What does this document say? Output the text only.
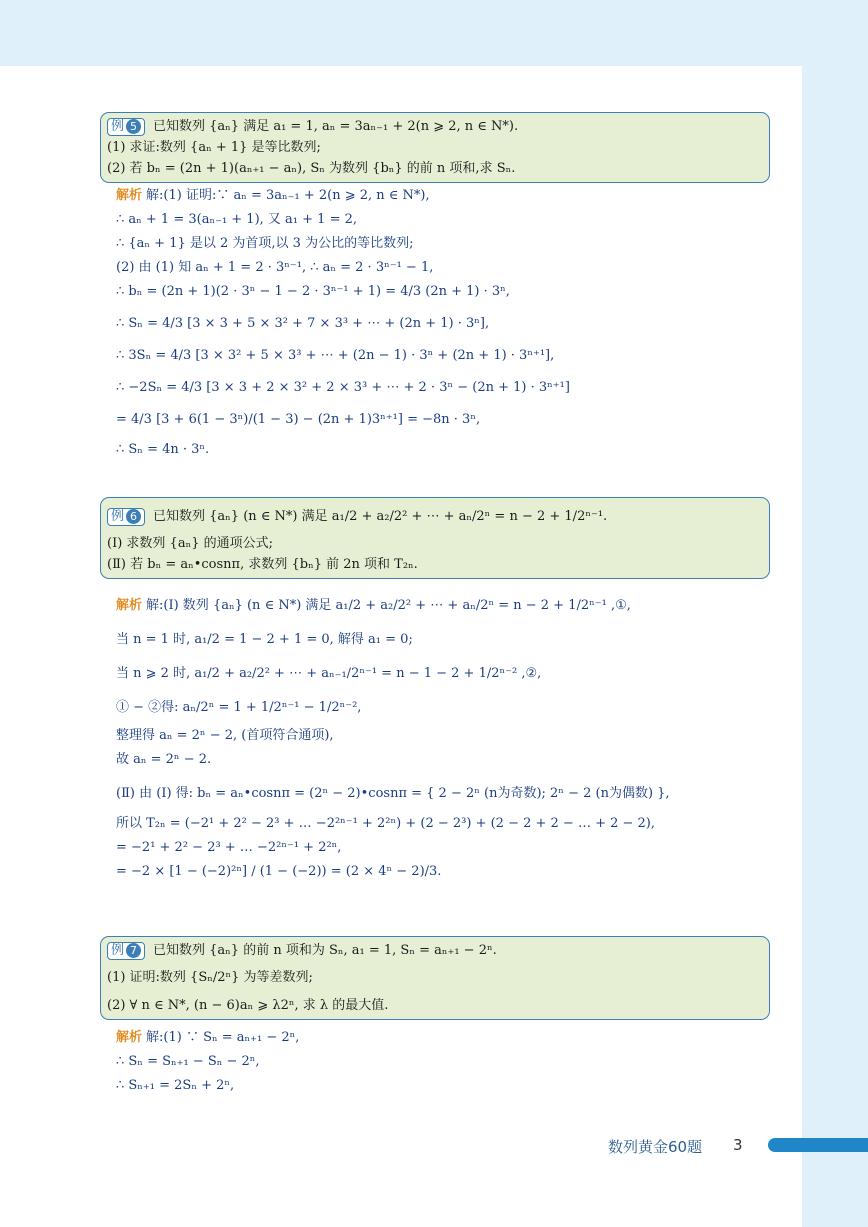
例 5 已知数列 {aₙ} 满足 a₁ = 1, aₙ = 3aₙ₋₁ + 2(n ⩾ 2, n ∈ N*).
(1) 求证:数列 {aₙ + 1} 是等比数列;
(2) 若 bₙ = (2n + 1)(aₙ₊₁ − aₙ), Sₙ 为数列 {bₙ} 的前 n 项和,求 Sₙ.
解析 解:(1) 证明:∵ aₙ = 3aₙ₋₁ + 2(n ⩾ 2, n ∈ N*),
∴ aₙ + 1 = 3(aₙ₋₁ + 1), 又 a₁ + 1 = 2,
∴ {aₙ + 1} 是以 2 为首项,以 3 为公比的等比数列;
(2) 由 (1) 知 aₙ + 1 = 2 · 3ⁿ⁻¹, ∴ aₙ = 2 · 3ⁿ⁻¹ − 1,
∴ bₙ = (2n + 1)(2 · 3ⁿ − 1 − 2 · 3ⁿ⁻¹ + 1) = 4/3 (2n + 1) · 3ⁿ,
∴ Sₙ = 4/3 [3 × 3 + 5 × 3² + 7 × 3³ + ⋯ + (2n + 1) · 3ⁿ],
∴ 3Sₙ = 4/3 [3 × 3² + 5 × 3³ + ⋯ + (2n − 1) · 3ⁿ + (2n + 1) · 3ⁿ⁺¹],
∴ −2Sₙ = 4/3 [3 × 3 + 2 × 3² + 2 × 3³ + ⋯ + 2 · 3ⁿ − (2n + 1) · 3ⁿ⁺¹]
= 4/3 [3 + 6(1 − 3ⁿ)/(1 − 3) − (2n + 1)3ⁿ⁺¹] = −8n · 3ⁿ,
∴ Sₙ = 4n · 3ⁿ.
例 6 已知数列 {aₙ} (n ∈ N*) 满足 a₁/2 + a₂/2² + ⋯ + aₙ/2ⁿ = n − 2 + 1/2ⁿ⁻¹.
(Ⅰ) 求数列 {aₙ} 的通项公式;
(Ⅱ) 若 bₙ = aₙ•cosnπ, 求数列 {bₙ} 前 2n 项和 T₂ₙ.
解析 解:(Ⅰ) 数列 {aₙ} (n ∈ N*) 满足 a₁/2 + a₂/2² + ⋯ + aₙ/2ⁿ = n − 2 + 1/2ⁿ⁻¹ ,①,
当 n = 1 时, a₁/2 = 1 − 2 + 1 = 0, 解得 a₁ = 0;
当 n ⩾ 2 时, a₁/2 + a₂/2² + ⋯ + aₙ₋₁/2ⁿ⁻¹ = n − 1 − 2 + 1/2ⁿ⁻² ,②,
① − ②得: aₙ/2ⁿ = 1 + 1/2ⁿ⁻¹ − 1/2ⁿ⁻²,
整理得 aₙ = 2ⁿ − 2, (首项符合通项),
故 aₙ = 2ⁿ − 2.
(Ⅱ) 由 (Ⅰ) 得: bₙ = aₙ•cosnπ = (2ⁿ − 2)•cosnπ = { 2 − 2ⁿ (n为奇数); 2ⁿ − 2 (n为偶数) },
所以 T₂ₙ = (−2¹ + 2² − 2³ + … −2²ⁿ⁻¹ + 2²ⁿ) + (2 − 2³) + (2 − 2 + 2 − … + 2 − 2),
= −2¹ + 2² − 2³ + … −2²ⁿ⁻¹ + 2²ⁿ,
= −2 × [1 − (−2)²ⁿ] / (1 − (−2)) = (2 × 4ⁿ − 2)/3.
例 7 已知数列 {aₙ} 的前 n 项和为 Sₙ, a₁ = 1, Sₙ = aₙ₊₁ − 2ⁿ.
(1) 证明:数列 {Sₙ/2ⁿ} 为等差数列;
(2) ∀ n ∈ N*, (n − 6)aₙ ⩾ λ2ⁿ, 求 λ 的最大值.
解析 解:(1) ∵ Sₙ = aₙ₊₁ − 2ⁿ,
∴ Sₙ = Sₙ₊₁ − Sₙ − 2ⁿ,
∴ Sₙ₊₁ = 2Sₙ + 2ⁿ,
数列黄金60题 3
